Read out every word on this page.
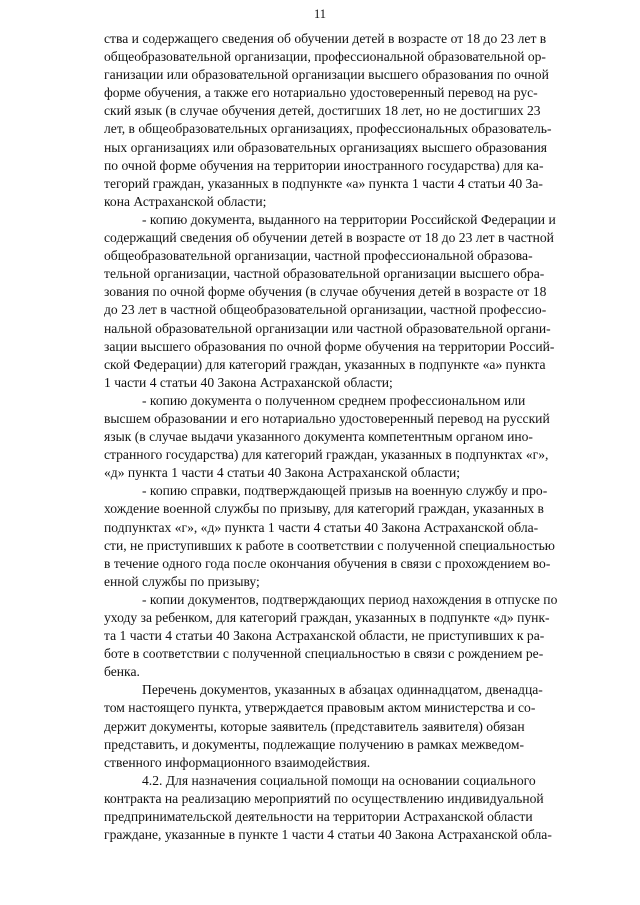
11
ства и содержащего сведения об обучении детей в возрасте от 18 до 23 лет в
общеобразовательной организации, профессиональной образовательной ор-
ганизации или образовательной организации высшего образования по очной
форме обучения, а также его нотариально удостоверенный перевод на рус-
ский язык (в случае обучения детей, достигших 18 лет, но не достигших 23
лет, в общеобразовательных организациях, профессиональных образователь-
ных организациях или образовательных организациях высшего образования
по очной форме обучения на территории иностранного государства) для ка-
тегорий граждан, указанных в подпункте «а» пункта 1 части 4 статьи 40 За-
кона Астраханской области;
- копию документа, выданного на территории Российской Федерации и
содержащий сведения об обучении детей в возрасте от 18 до 23 лет в частной
общеобразовательной организации, частной профессиональной образова-
тельной организации, частной образовательной организации высшего обра-
зования по очной форме обучения (в случае обучения детей в возрасте от 18
до 23 лет в частной общеобразовательной организации, частной профессио-
нальной образовательной организации или частной образовательной органи-
зации высшего образования по очной форме обучения на территории Россий-
ской Федерации) для категорий граждан, указанных в подпункте «а» пункта
1 части 4 статьи 40 Закона Астраханской области;
- копию документа о полученном среднем профессиональном или
высшем образовании и его нотариально удостоверенный перевод на русский
язык (в случае выдачи указанного документа компетентным органом ино-
странного государства) для категорий граждан, указанных в подпунктах «г»,
«д» пункта 1 части 4 статьи 40 Закона Астраханской области;
- копию справки, подтверждающей призыв на военную службу и про-
хождение военной службы по призыву, для категорий граждан, указанных в
подпунктах «г», «д» пункта 1 части 4 статьи 40 Закона Астраханской обла-
сти, не приступивших к работе в соответствии с полученной специальностью
в течение одного года после окончания обучения в связи с прохождением во-
енной службы по призыву;
- копии документов, подтверждающих период нахождения в отпуске по
уходу за ребенком, для категорий граждан, указанных в подпункте «д» пунк-
та 1 части 4 статьи 40 Закона Астраханской области, не приступивших к ра-
боте в соответствии с полученной специальностью в связи с рождением ре-
бенка.
Перечень документов, указанных в абзацах одиннадцатом, двенадца-
том настоящего пункта, утверждается правовым актом министерства и со-
держит документы, которые заявитель (представитель заявителя) обязан
представить, и документы, подлежащие получению в рамках межведом-
ственного информационного взаимодействия.
4.2. Для назначения социальной помощи на основании социального
контракта на реализацию мероприятий по осуществлению индивидуальной
предпринимательской деятельности на территории Астраханской области
граждане, указанные в пункте 1 части 4 статьи 40 Закона Астраханской обла-
